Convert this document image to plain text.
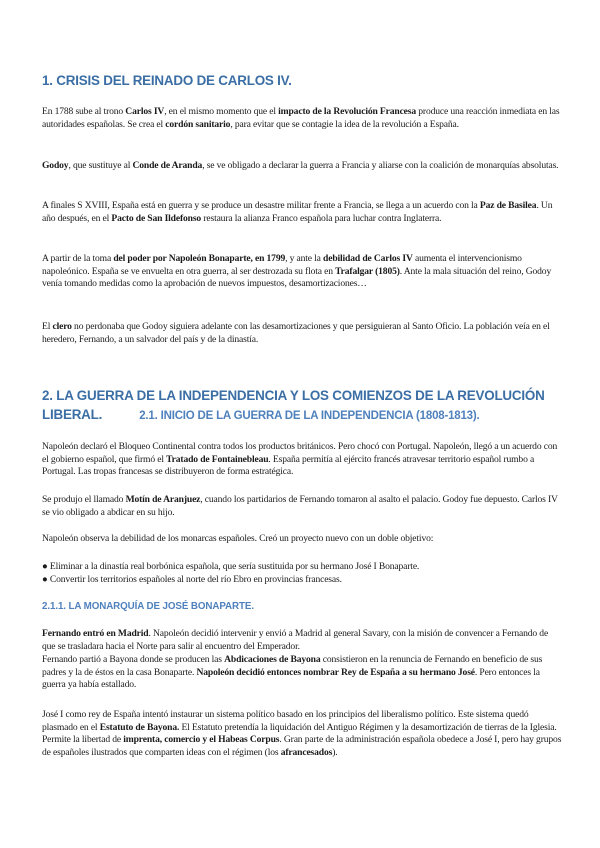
1. CRISIS DEL REINADO DE CARLOS IV.

En 1788 sube al trono Carlos IV, en el mismo momento que el impacto de la Revolución Francesa produce una reacción inmediata en las autoridades españolas. Se crea el cordón sanitario, para evitar que se contagie la idea de la revolución a España.

Godoy, que sustituye al Conde de Aranda, se ve obligado a declarar la guerra a Francia y aliarse con la coalición de monarquías absolutas.

A finales S XVIII, España está en guerra y se produce un desastre militar frente a Francia, se llega a un acuerdo con la Paz de Basilea. Un año después, en el Pacto de San Ildefonso restaura la alianza Franco española para luchar contra Inglaterra.

A partir de la toma del poder por Napoleón Bonaparte, en 1799, y ante la debilidad de Carlos IV aumenta el intervencionismo napoleónico. España se ve envuelta en otra guerra, al ser destrozada su flota en Trafalgar (1805). Ante la mala situación del reino, Godoy venía tomando medidas como la aprobación de nuevos impuestos, desamortizaciones…

El clero no perdonaba que Godoy siguiera adelante con las desamortizaciones y que persiguieran al Santo Oficio. La población veía en el heredero, Fernando, a un salvador del país y de la dinastía.

2. LA GUERRA DE LA INDEPENDENCIA Y LOS COMIENZOS DE LA REVOLUCIÓN LIBERAL.	2.1. INICIO DE LA GUERRA DE LA INDEPENDENCIA (1808-1813).

Napoleón declaró el Bloqueo Continental contra todos los productos británicos. Pero chocó con Portugal. Napoleón, llegó a un acuerdo con el gobierno español, que firmó el Tratado de Fontainebleau. España permitía al ejército francés atravesar territorio español rumbo a Portugal. Las tropas francesas se distribuyeron de forma estratégica.

Se produjo el llamado Motín de Aranjuez, cuando los partidarios de Fernando tomaron al asalto el palacio. Godoy fue depuesto. Carlos IV se vio obligado a abdicar en su hijo.

Napoleón observa la debilidad de los monarcas españoles. Creó un proyecto nuevo con un doble objetivo:

● Eliminar a la dinastía real borbónica española, que sería sustituida por su hermano José I Bonaparte.

● Convertir los territorios españoles al norte del río Ebro en provincias francesas.

2.1.1. LA MONARQUÍA DE JOSÉ BONAPARTE.

Fernando entró en Madrid. Napoleón decidió intervenir y envió a Madrid al general Savary, con la misión de convencer a Fernando de que se trasladara hacia el Norte para salir al encuentro del Emperador.

Fernando partió a Bayona donde se producen las Abdicaciones de Bayona consistieron en la renuncia de Fernando en beneficio de sus padres y la de éstos en la casa Bonaparte. Napoleón decidió entonces nombrar Rey de España a su hermano José. Pero entonces la guerra ya había estallado.

José I como rey de España intentó instaurar un sistema político basado en los principios del liberalismo político. Este sistema quedó plasmado en el Estatuto de Bayona. El Estatuto pretendía la liquidación del Antiguo Régimen y la desamortización de tierras de la Iglesia. Permite la libertad de imprenta, comercio y el Habeas Corpus. Gran parte de la administración española obedece a José I, pero hay grupos de españoles ilustrados que comparten ideas con el régimen (los afrancesados).
